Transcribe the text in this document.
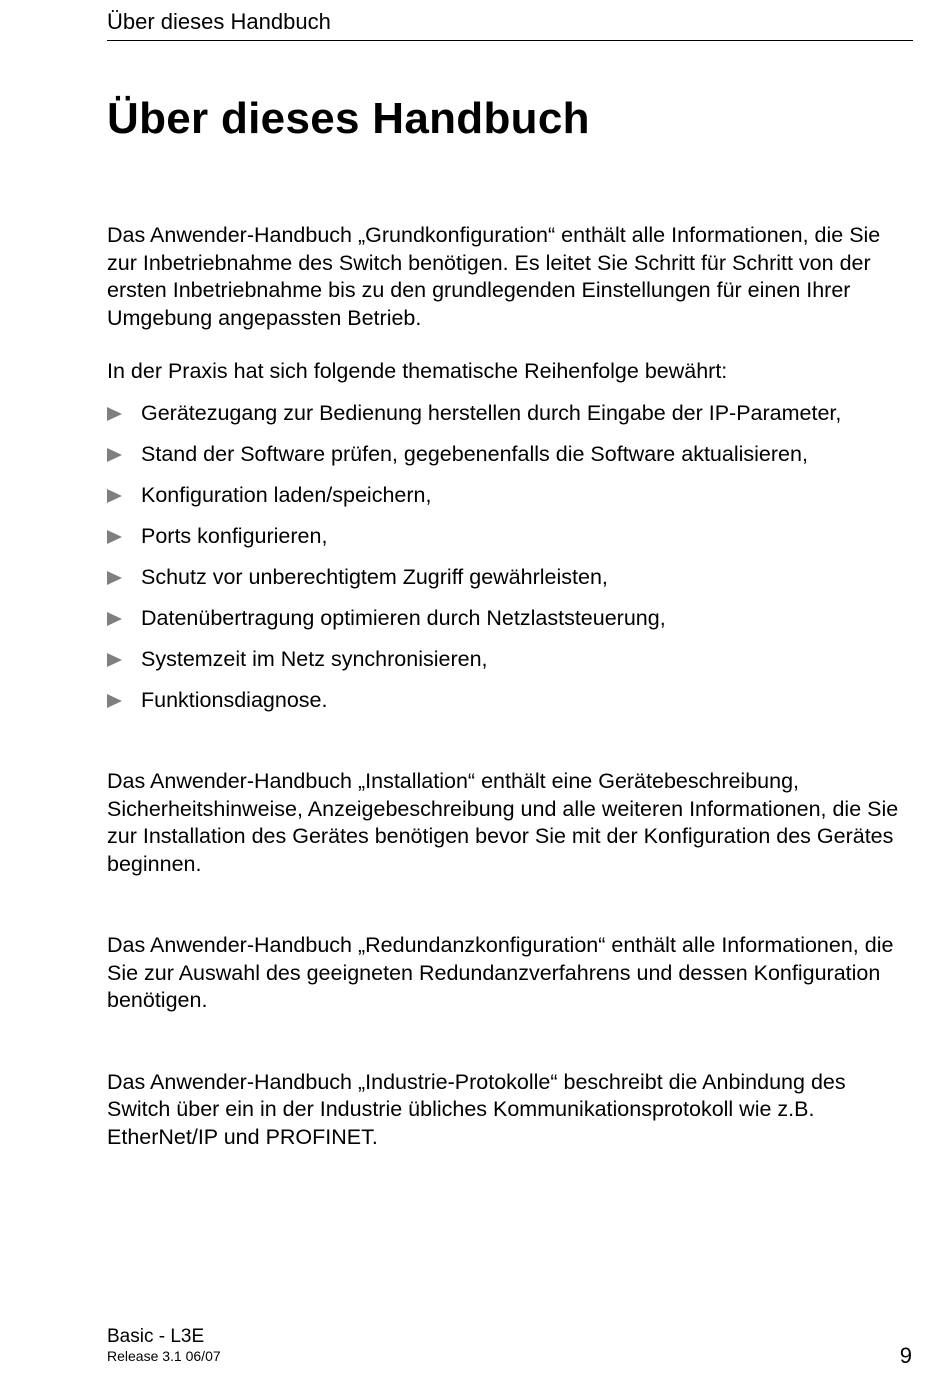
Über dieses Handbuch
Über dieses Handbuch

Das Anwender-Handbuch „Grundkonfiguration“ enthält alle Informationen, die Sie zur Inbetriebnahme des Switch benötigen. Es leitet Sie Schritt für Schritt von der ersten Inbetriebnahme bis zu den grundlegenden Einstellungen für einen Ihrer Umgebung angepassten Betrieb.

In der Praxis hat sich folgende thematische Reihenfolge bewährt:

Gerätezugang zur Bedienung herstellen durch Eingabe der IP-Parameter,
Stand der Software prüfen, gegebenenfalls die Software aktualisieren,
Konfiguration laden/speichern,
Ports konfigurieren,
Schutz vor unberechtigtem Zugriff gewährleisten,
Datenübertragung optimieren durch Netzlaststeuerung,
Systemzeit im Netz synchronisieren,
Funktionsdiagnose.

Das Anwender-Handbuch „Installation“ enthält eine Gerätebeschreibung, Sicherheitshinweise, Anzeigebeschreibung und alle weiteren Informationen, die Sie zur Installation des Gerätes benötigen bevor Sie mit der Konfiguration des Gerätes beginnen.

Das Anwender-Handbuch „Redundanzkonfiguration“ enthält alle Informationen, die Sie zur Auswahl des geeigneten Redundanzverfahrens und dessen Konfiguration benötigen.

Das Anwender-Handbuch „Industrie-Protokolle“ beschreibt die Anbindung des Switch über ein in der Industrie übliches Kommunikationsprotokoll wie z.B. EtherNet/IP und PROFINET.

Basic - L3E
Release 3.1 06/07	9
